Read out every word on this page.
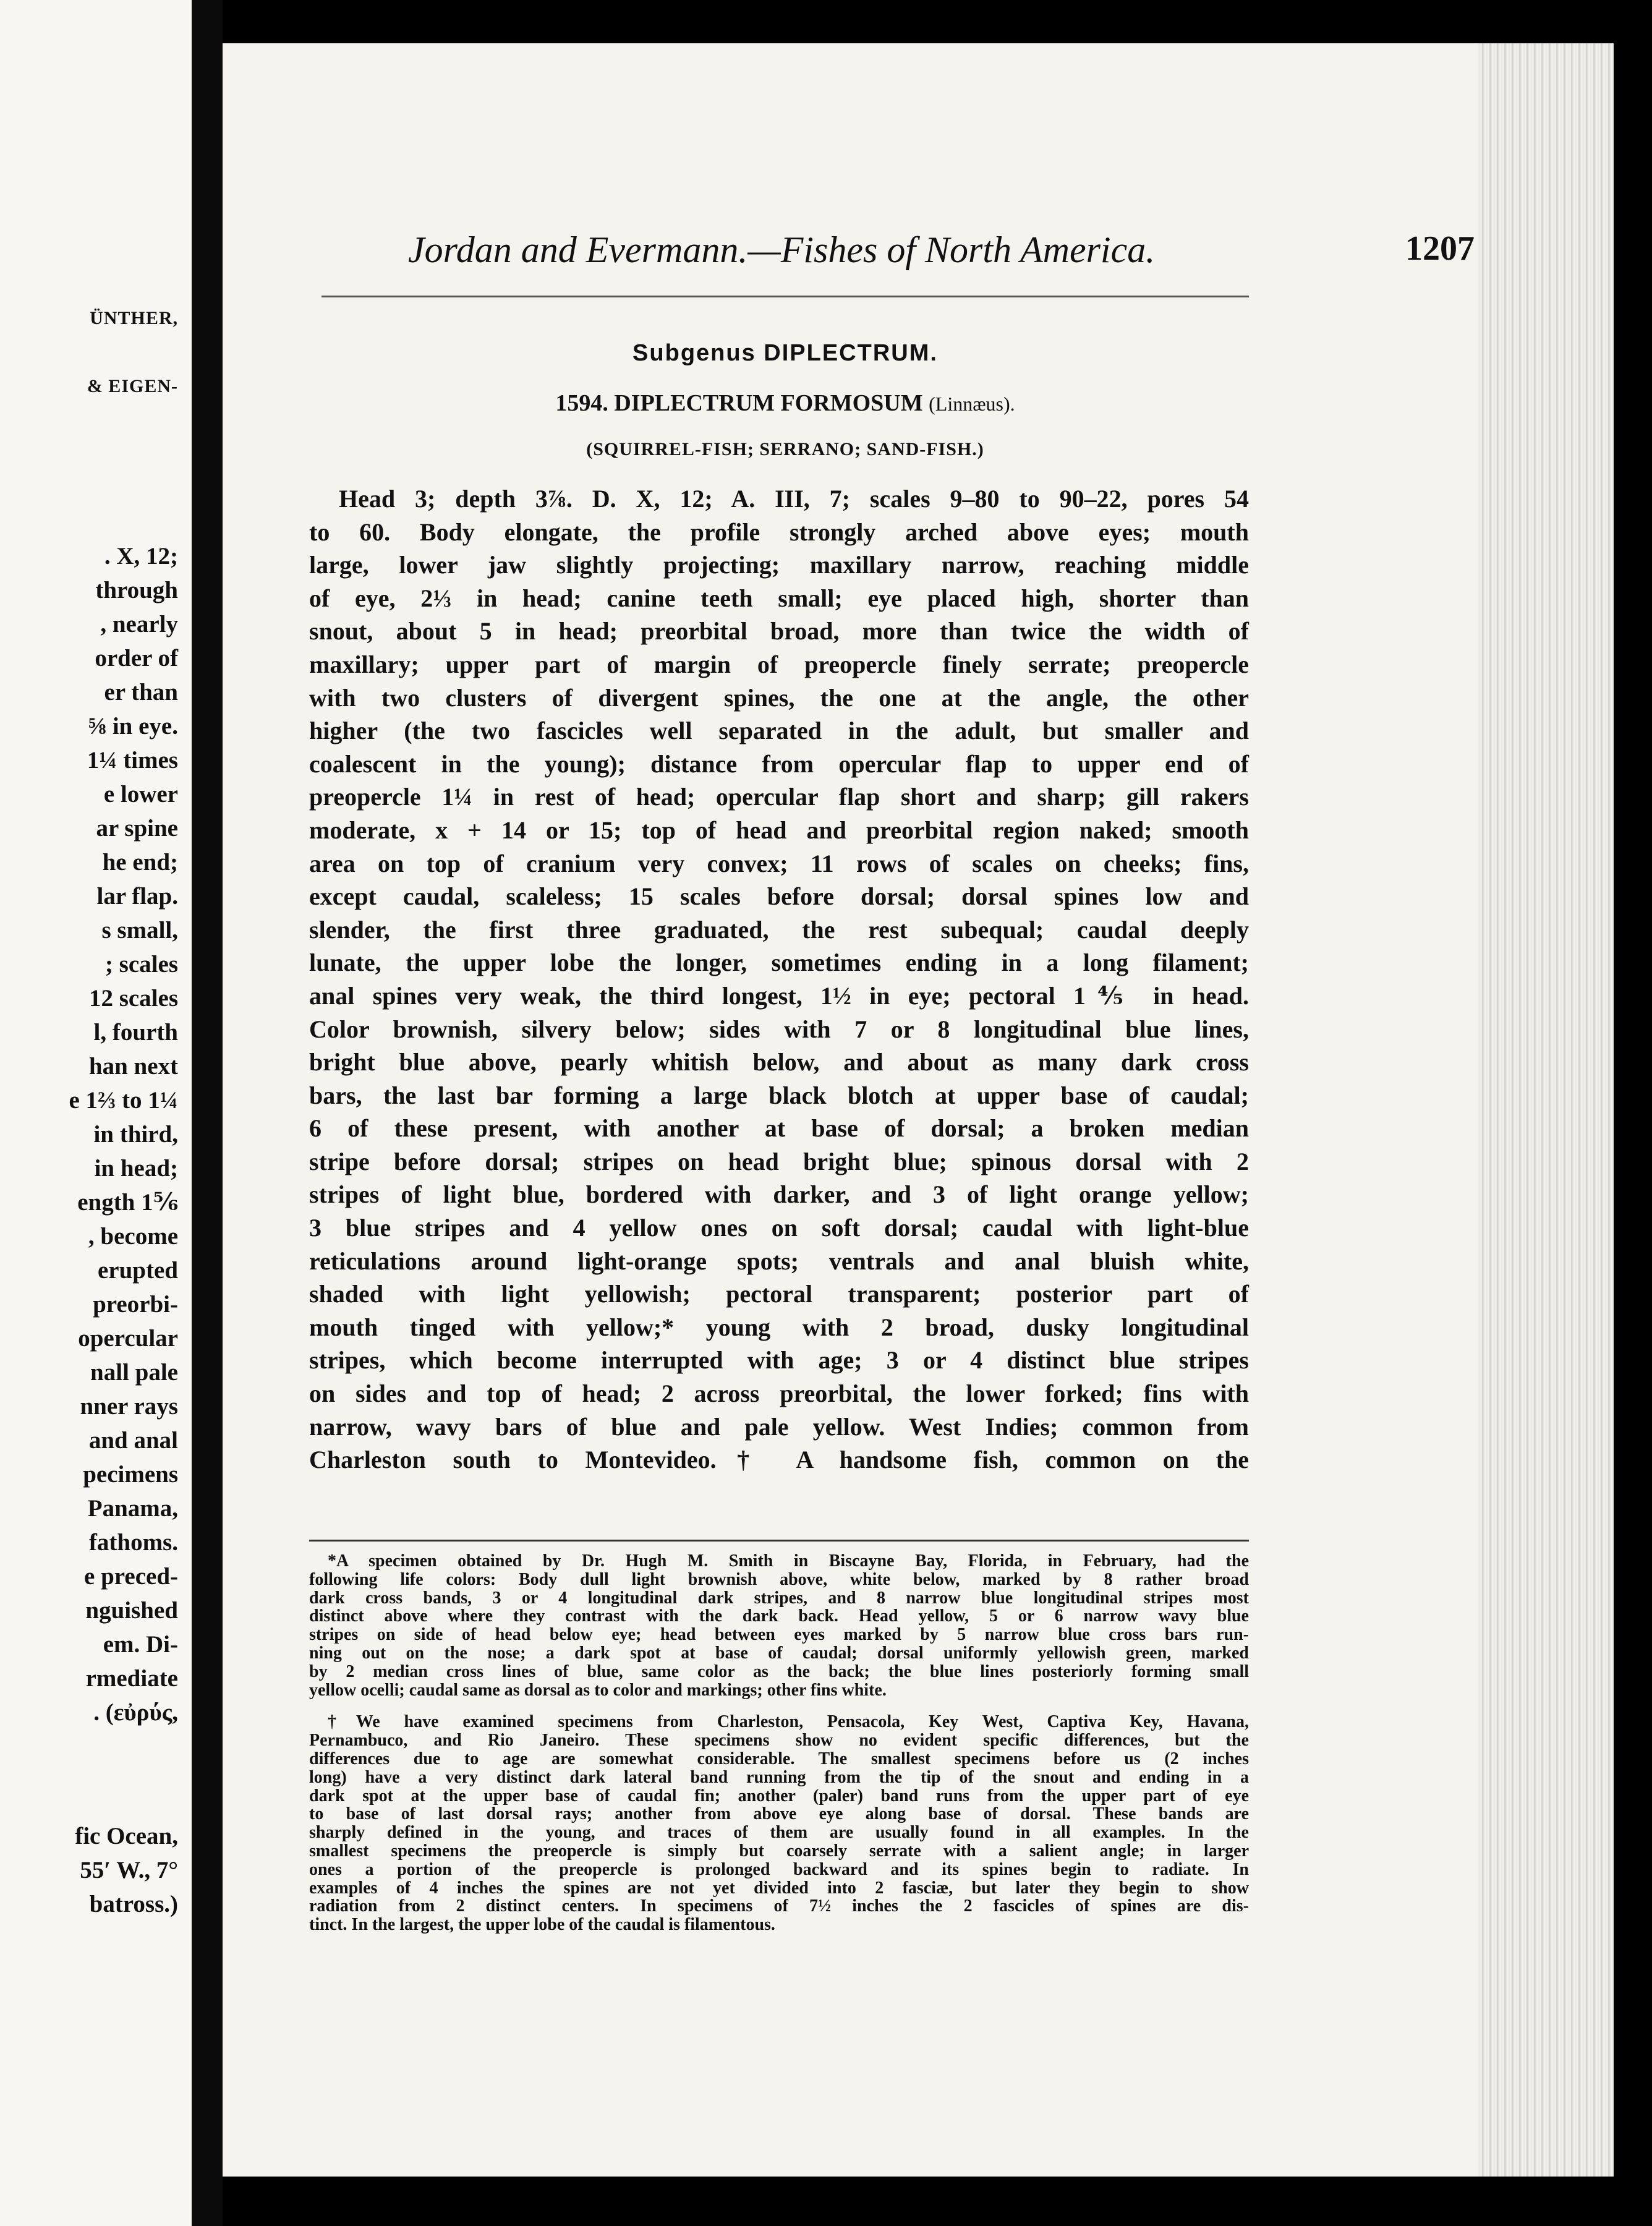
ÜNTHER,
& EIGEN-
. X, 12;
through
, nearly
order of
er than
⅝ in eye.
1¼ times
e lower
ar spine
he end;
lar flap.
s small,
; scales
12 scales
l, fourth
han next
e 1⅔ to 1¼
in third,
in head;
ength 1⅚
, become
erupted
preorbi-
opercular
nall pale
nner rays
and anal
pecimens
Panama,
fathoms.
e preced-
nguished
em. Di-
rmediate
. (εὐρύς,
fic Ocean,
55′ W., 7°
batross.)
Jordan and Evermann.—Fishes of North America.	1207
Subgenus DIPLECTRUM.
1594. DIPLECTRUM FORMOSUM (Linnæus).
(SQUIRREL-FISH; SERRANO; SAND-FISH.)
Head 3; depth 3⅞. D. X, 12; A. III, 7; scales 9–80 to 90–22, pores 54
to 60. Body elongate, the profile strongly arched above eyes; mouth
large, lower jaw slightly projecting; maxillary narrow, reaching middle
of eye, 2⅓ in head; canine teeth small; eye placed high, shorter than
snout, about 5 in head; preorbital broad, more than twice the width of
maxillary; upper part of margin of preopercle finely serrate; preopercle
with two clusters of divergent spines, the one at the angle, the other
higher (the two fascicles well separated in the adult, but smaller and
coalescent in the young); distance from opercular flap to upper end of
preopercle 1¼ in rest of head; opercular flap short and sharp; gill rakers
moderate, x + 14 or 15; top of head and preorbital region naked; smooth
area on top of cranium very convex; 11 rows of scales on cheeks; fins,
except caudal, scaleless; 15 scales before dorsal; dorsal spines low and
slender, the first three graduated, the rest subequal; caudal deeply
lunate, the upper lobe the longer, sometimes ending in a long filament;
anal spines very weak, the third longest, 1½ in eye; pectoral 1⅘ in head.
Color brownish, silvery below; sides with 7 or 8 longitudinal blue lines,
bright blue above, pearly whitish below, and about as many dark cross
bars, the last bar forming a large black blotch at upper base of caudal;
6 of these present, with another at base of dorsal; a broken median
stripe before dorsal; stripes on head bright blue; spinous dorsal with 2
stripes of light blue, bordered with darker, and 3 of light orange yellow;
3 blue stripes and 4 yellow ones on soft dorsal; caudal with light-blue
reticulations around light-orange spots; ventrals and anal bluish white,
shaded with light yellowish; pectoral transparent; posterior part of
mouth tinged with yellow;* young with 2 broad, dusky longitudinal
stripes, which become interrupted with age; 3 or 4 distinct blue stripes
on sides and top of head; 2 across preorbital, the lower forked; fins with
narrow, wavy bars of blue and pale yellow. West Indies; common from
Charleston south to Montevideo.† A handsome fish, common on the
*A specimen obtained by Dr. Hugh M. Smith in Biscayne Bay, Florida, in February, had the
following life colors: Body dull light brownish above, white below, marked by 8 rather broad
dark cross bands, 3 or 4 longitudinal dark stripes, and 8 narrow blue longitudinal stripes most
distinct above where they contrast with the dark back. Head yellow, 5 or 6 narrow wavy blue
stripes on side of head below eye; head between eyes marked by 5 narrow blue cross bars run-
ning out on the nose; a dark spot at base of caudal; dorsal uniformly yellowish green, marked
by 2 median cross lines of blue, same color as the back; the blue lines posteriorly forming small
yellow ocelli; caudal same as dorsal as to color and markings; other fins white.
†We have examined specimens from Charleston, Pensacola, Key West, Captiva Key, Havana,
Pernambuco, and Rio Janeiro. These specimens show no evident specific differences, but the
differences due to age are somewhat considerable. The smallest specimens before us (2 inches
long) have a very distinct dark lateral band running from the tip of the snout and ending in a
dark spot at the upper base of caudal fin; another (paler) band runs from the upper part of eye
to base of last dorsal rays; another from above eye along base of dorsal. These bands are
sharply defined in the young, and traces of them are usually found in all examples. In the
smallest specimens the preopercle is simply but coarsely serrate with a salient angle; in larger
ones a portion of the preopercle is prolonged backward and its spines begin to radiate. In
examples of 4 inches the spines are not yet divided into 2 fasciæ, but later they begin to show
radiation from 2 distinct centers. In specimens of 7½ inches the 2 fascicles of spines are dis-
tinct. In the largest, the upper lobe of the caudal is filamentous.
